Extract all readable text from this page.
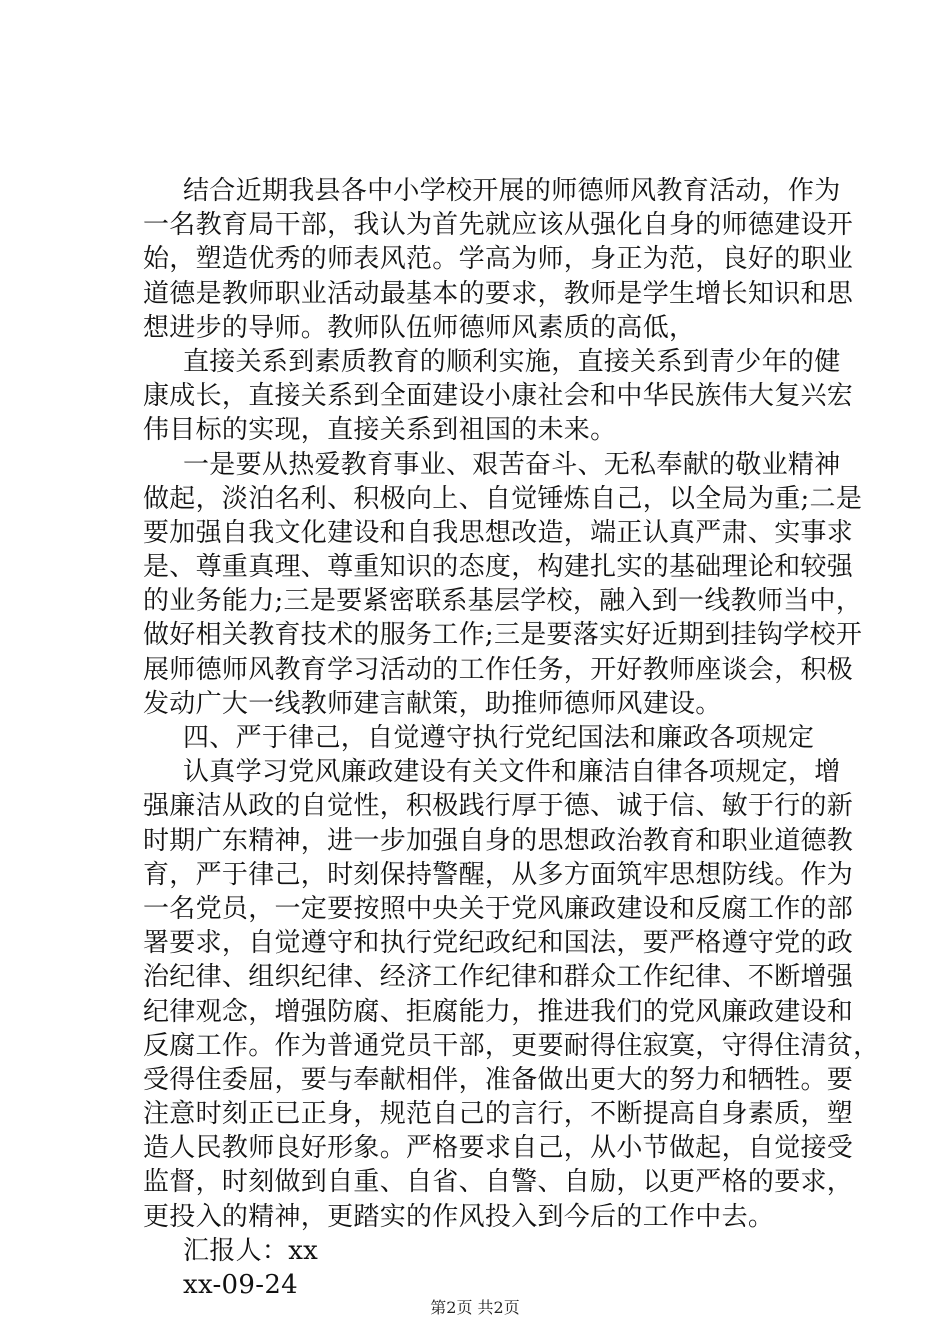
结合近期我县各中小学校开展的师德师风教育活动，作为
一名教育局干部，我认为首先就应该从强化自身的师德建设开
始，塑造优秀的师表风范。学高为师，身正为范，良好的职业
道德是教师职业活动最基本的要求，教师是学生增长知识和思
想进步的导师。教师队伍师德师风素质的高低，
直接关系到素质教育的顺利实施，直接关系到青少年的健
康成长，直接关系到全面建设小康社会和中华民族伟大复兴宏
伟目标的实现，直接关系到祖国的未来。
一是要从热爱教育事业、艰苦奋斗、无私奉献的敬业精神
做起，淡泊名利、积极向上、自觉锤炼自己，以全局为重;二是
要加强自我文化建设和自我思想改造，端正认真严肃、实事求
是、尊重真理、尊重知识的态度，构建扎实的基础理论和较强
的业务能力;三是要紧密联系基层学校，融入到一线教师当中，
做好相关教育技术的服务工作;三是要落实好近期到挂钩学校开
展师德师风教育学习活动的工作任务，开好教师座谈会，积极
发动广大一线教师建言献策，助推师德师风建设。
四、严于律己，自觉遵守执行党纪国法和廉政各项规定
认真学习党风廉政建设有关文件和廉洁自律各项规定，增
强廉洁从政的自觉性，积极践行厚于德、诚于信、敏于行的新
时期广东精神，进一步加强自身的思想政治教育和职业道德教
育，严于律己，时刻保持警醒，从多方面筑牢思想防线。作为
一名党员，一定要按照中央关于党风廉政建设和反腐工作的部
署要求，自觉遵守和执行党纪政纪和国法，要严格遵守党的政
治纪律、组织纪律、经济工作纪律和群众工作纪律、不断增强
纪律观念，增强防腐、拒腐能力，推进我们的党风廉政建设和
反腐工作。作为普通党员干部，更要耐得住寂寞，守得住清贫，
受得住委屈，要与奉献相伴，准备做出更大的努力和牺牲。要
注意时刻正已正身，规范自己的言行，不断提高自身素质，塑
造人民教师良好形象。严格要求自己，从小节做起，自觉接受
监督，时刻做到自重、自省、自警、自励，以更严格的要求，
更投入的精神，更踏实的作风投入到今后的工作中去。
汇报人：xx
xx-09-24
第2页 共2页
